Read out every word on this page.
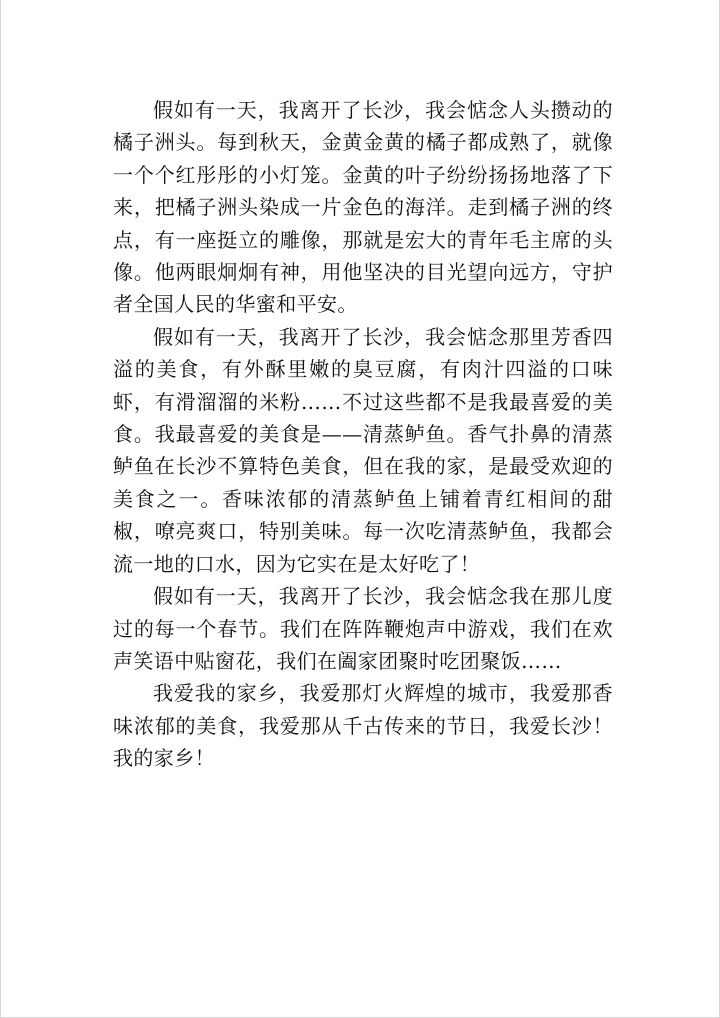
假如有一天，我离开了长沙，我会惦念人头攒动的橘子洲头。每到秋天，金黄金黄的橘子都成熟了，就像一个个红彤彤的小灯笼。金黄的叶子纷纷扬扬地落了下来，把橘子洲头染成一片金色的海洋。走到橘子洲的终点，有一座挺立的雕像，那就是宏大的青年毛主席的头像。他两眼炯炯有神，用他坚决的目光望向远方，守护者全国人民的华蜜和平安。

假如有一天，我离开了长沙，我会惦念那里芳香四溢的美食，有外酥里嫩的臭豆腐，有肉汁四溢的口味虾，有滑溜溜的米粉……不过这些都不是我最喜爱的美食。我最喜爱的美食是——清蒸鲈鱼。香气扑鼻的清蒸鲈鱼在长沙不算特色美食，但在我的家，是最受欢迎的美食之一。香味浓郁的清蒸鲈鱼上铺着青红相间的甜椒，嘹亮爽口，特别美味。每一次吃清蒸鲈鱼，我都会流一地的口水，因为它实在是太好吃了！

假如有一天，我离开了长沙，我会惦念我在那儿度过的每一个春节。我们在阵阵鞭炮声中游戏，我们在欢声笑语中贴窗花，我们在阖家团聚时吃团聚饭……

我爱我的家乡，我爱那灯火辉煌的城市，我爱那香味浓郁的美食，我爱那从千古传来的节日，我爱长沙！我的家乡！
